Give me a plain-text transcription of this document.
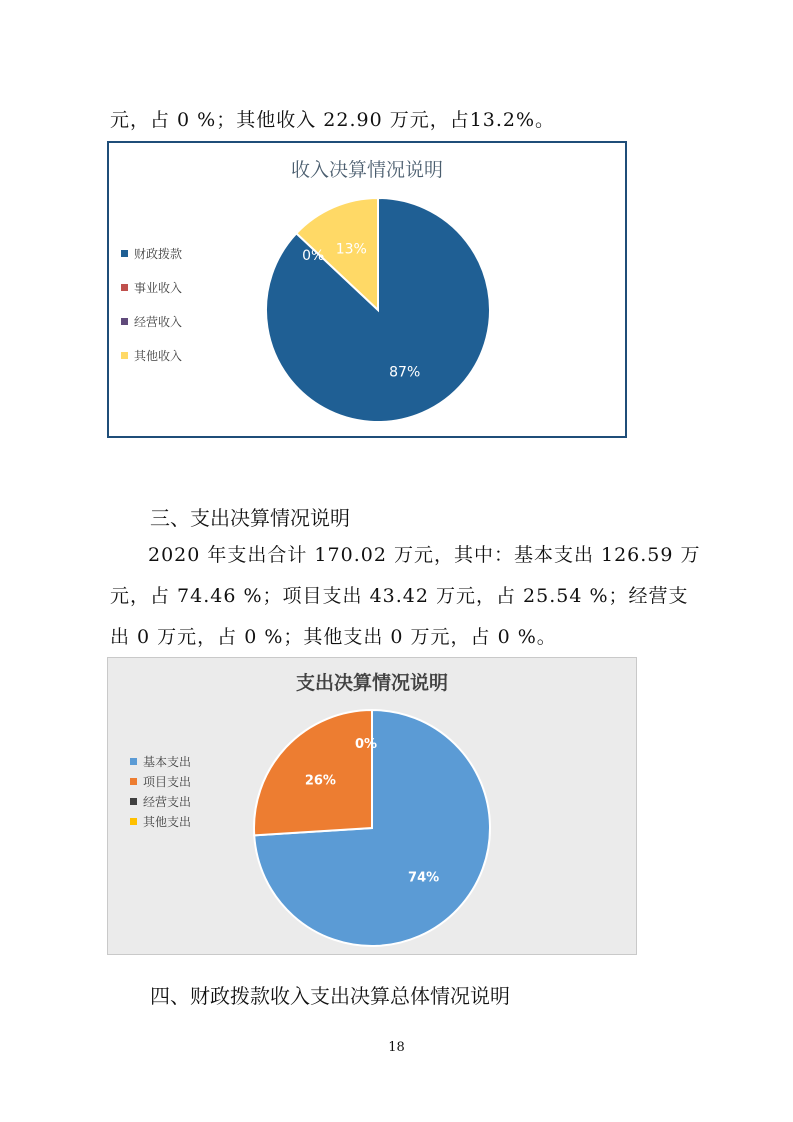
元，占 0 %；其他收入 22.90 万元，占13.2%。
收入决算情况说明
财政拨款
事业收入
经营收入
其他收入
87%
0% 13%
三、支出决算情况说明
2020 年支出合计 170.02 万元，其中：基本支出 126.59 万
元，占 74.46 %；项目支出 43.42 万元，占 25.54 %；经营支
出 0 万元，占 0 %；其他支出 0 万元，占 0 %。
支出决算情况说明
基本支出
项目支出
经营支出
其他支出
74%
26%
0%
四、财政拨款收入支出决算总体情况说明
18
